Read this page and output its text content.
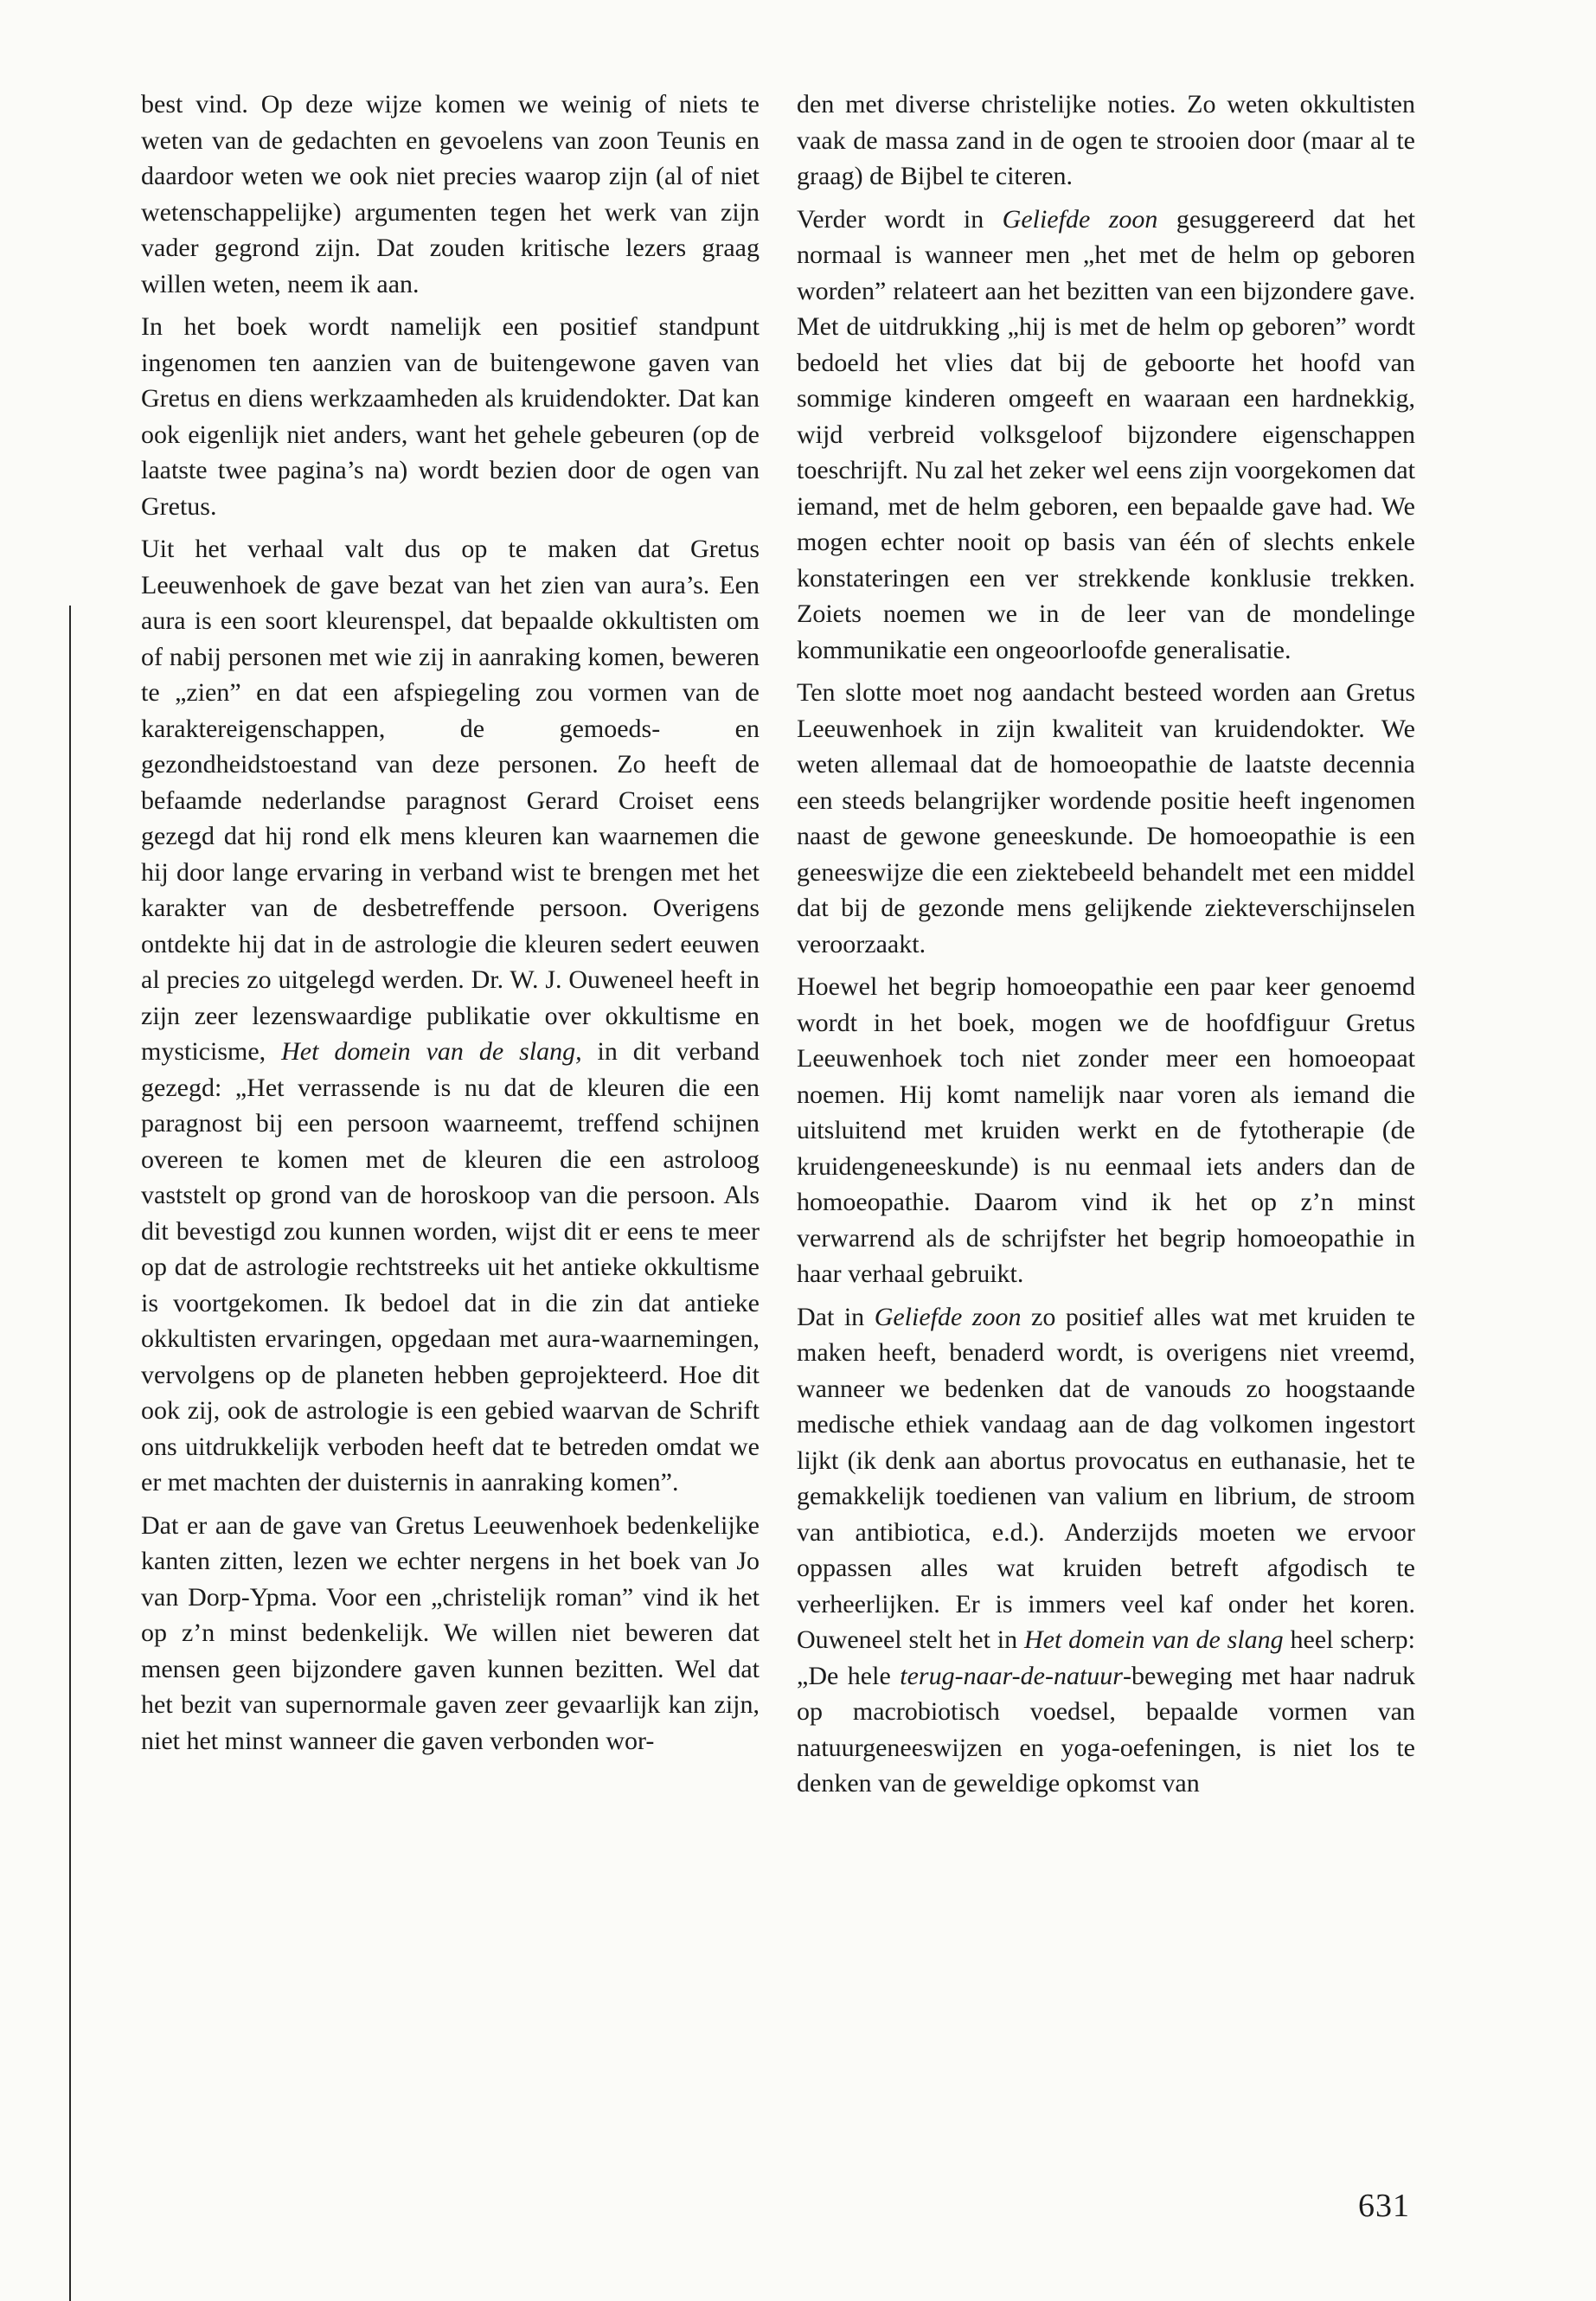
best vind. Op deze wijze komen we weinig of niets te weten van de gedachten en gevoelens van zoon Teunis en daardoor weten we ook niet precies waarop zijn (al of niet wetenschappelijke) argumenten tegen het werk van zijn vader gegrond zijn. Dat zouden kritische lezers graag willen weten, neem ik aan.

In het boek wordt namelijk een positief standpunt ingenomen ten aanzien van de buitengewone gaven van Gretus en diens werkzaamheden als kruidendokter. Dat kan ook eigenlijk niet anders, want het gehele gebeuren (op de laatste twee pagina’s na) wordt bezien door de ogen van Gretus.

Uit het verhaal valt dus op te maken dat Gretus Leeuwenhoek de gave bezat van het zien van aura’s. Een aura is een soort kleurenspel, dat bepaalde okkultisten om of nabij personen met wie zij in aanraking komen, beweren te „zien” en dat een afspiegeling zou vormen van de karaktereigenschappen, de gemoeds- en gezondheidstoestand van deze personen. Zo heeft de befaamde nederlandse paragnost Gerard Croiset eens gezegd dat hij rond elk mens kleuren kan waarnemen die hij door lange ervaring in verband wist te brengen met het karakter van de desbetreffende persoon. Overigens ontdekte hij dat in de astrologie die kleuren sedert eeuwen al precies zo uitgelegd werden. Dr. W. J. Ouweneel heeft in zijn zeer lezenswaardige publikatie over okkultisme en mysticisme, Het domein van de slang, in dit verband gezegd: „Het verrassende is nu dat de kleuren die een paragnost bij een persoon waarneemt, treffend schijnen overeen te komen met de kleuren die een astroloog vaststelt op grond van de horoskoop van die persoon. Als dit bevestigd zou kunnen worden, wijst dit er eens te meer op dat de astrologie rechtstreeks uit het antieke okkultisme is voortgekomen. Ik bedoel dat in die zin dat antieke okkultisten ervaringen, opgedaan met aura-waarnemingen, vervolgens op de planeten hebben geprojekteerd. Hoe dit ook zij, ook de astrologie is een gebied waarvan de Schrift ons uitdrukkelijk verboden heeft dat te betreden omdat we er met machten der duisternis in aanraking komen”.

Dat er aan de gave van Gretus Leeuwenhoek bedenkelijke kanten zitten, lezen we echter nergens in het boek van Jo van Dorp-Ypma. Voor een „christelijk roman” vind ik het op z’n minst bedenkelijk. We willen niet beweren dat mensen geen bijzondere gaven kunnen bezitten. Wel dat het bezit van supernormale gaven zeer gevaarlijk kan zijn, niet het minst wanneer die gaven verbonden wor-

den met diverse christelijke noties. Zo weten okkultisten vaak de massa zand in de ogen te strooien door (maar al te graag) de Bijbel te citeren.

Verder wordt in Geliefde zoon gesuggereerd dat het normaal is wanneer men „het met de helm op geboren worden” relateert aan het bezitten van een bijzondere gave. Met de uitdrukking „hij is met de helm op geboren” wordt bedoeld het vlies dat bij de geboorte het hoofd van sommige kinderen omgeeft en waaraan een hardnekkig, wijd verbreid volksgeloof bijzondere eigenschappen toeschrijft. Nu zal het zeker wel eens zijn voorgekomen dat iemand, met de helm geboren, een bepaalde gave had. We mogen echter nooit op basis van één of slechts enkele konstateringen een ver strekkende konklusie trekken. Zoiets noemen we in de leer van de mondelinge kommunikatie een ongeoorloofde generalisatie.

Ten slotte moet nog aandacht besteed worden aan Gretus Leeuwenhoek in zijn kwaliteit van kruidendokter. We weten allemaal dat de homoeopathie de laatste decennia een steeds belangrijker wordende positie heeft ingenomen naast de gewone geneeskunde. De homoeopathie is een geneeswijze die een ziektebeeld behandelt met een middel dat bij de gezonde mens gelijkende ziekteverschijnselen veroorzaakt.

Hoewel het begrip homoeopathie een paar keer genoemd wordt in het boek, mogen we de hoofdfiguur Gretus Leeuwenhoek toch niet zonder meer een homoeopaat noemen. Hij komt namelijk naar voren als iemand die uitsluitend met kruiden werkt en de fytotherapie (de kruidengeneeskunde) is nu eenmaal iets anders dan de homoeopathie. Daarom vind ik het op z’n minst verwarrend als de schrijfster het begrip homoeopathie in haar verhaal gebruikt.

Dat in Geliefde zoon zo positief alles wat met kruiden te maken heeft, benaderd wordt, is overigens niet vreemd, wanneer we bedenken dat de vanouds zo hoogstaande medische ethiek vandaag aan de dag volkomen ingestort lijkt (ik denk aan abortus provocatus en euthanasie, het te gemakkelijk toedienen van valium en librium, de stroom van antibiotica, e.d.). Anderzijds moeten we ervoor oppassen alles wat kruiden betreft afgodisch te verheerlijken. Er is immers veel kaf onder het koren. Ouweneel stelt het in Het domein van de slang heel scherp: „De hele terug-naar-de-natuur-beweging met haar nadruk op macrobiotisch voedsel, bepaalde vormen van natuurgeneeswijzen en yoga-oefeningen, is niet los te denken van de geweldige opkomst van

631
